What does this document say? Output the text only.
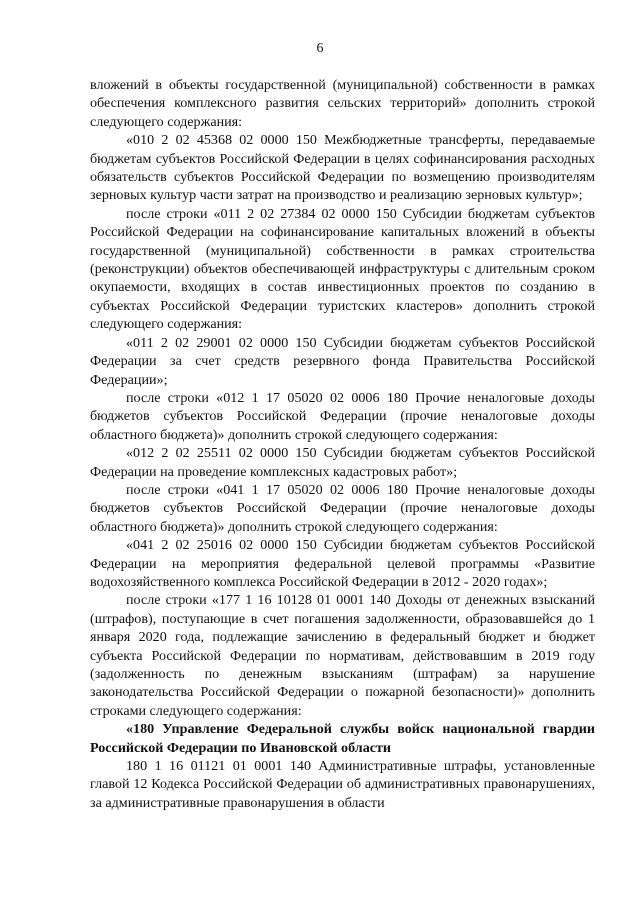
6

вложений в объекты государственной (муниципальной) собственности в рамках обеспечения комплексного развития сельских территорий» дополнить строкой следующего содержания:

«010 2 02 45368 02 0000 150 Межбюджетные трансферты, передаваемые бюджетам субъектов Российской Федерации в целях софинансирования расходных обязательств субъектов Российской Федерации по возмещению производителям зерновых культур части затрат на производство и реализацию зерновых культур»;

после строки «011 2 02 27384 02 0000 150 Субсидии бюджетам субъектов Российской Федерации на софинансирование капитальных вложений в объекты государственной (муниципальной) собственности в рамках строительства (реконструкции) объектов обеспечивающей инфраструктуры с длительным сроком окупаемости, входящих в состав инвестиционных проектов по созданию в субъектах Российской Федерации туристских кластеров» дополнить строкой следующего содержания:

«011 2 02 29001 02 0000 150 Субсидии бюджетам субъектов Российской Федерации за счет средств резервного фонда Правительства Российской Федерации»;

после строки «012 1 17 05020 02 0006 180 Прочие неналоговые доходы бюджетов субъектов Российской Федерации (прочие неналоговые доходы областного бюджета)» дополнить строкой следующего содержания:

«012 2 02 25511 02 0000 150 Субсидии бюджетам субъектов Российской Федерации на проведение комплексных кадастровых работ»;

после строки «041 1 17 05020 02 0006 180 Прочие неналоговые доходы бюджетов субъектов Российской Федерации (прочие неналоговые доходы областного бюджета)» дополнить строкой следующего содержания:

«041 2 02 25016 02 0000 150 Субсидии бюджетам субъектов Российской Федерации на мероприятия федеральной целевой программы «Развитие водохозяйственного комплекса Российской Федерации в 2012 - 2020 годах»;

после строки «177 1 16 10128 01 0001 140 Доходы от денежных взысканий (штрафов), поступающие в счет погашения задолженности, образовавшейся до 1 января 2020 года, подлежащие зачислению в федеральный бюджет и бюджет субъекта Российской Федерации по нормативам, действовавшим в 2019 году (задолженность по денежным взысканиям (штрафам) за нарушение законодательства Российской Федерации о пожарной безопасности)» дополнить строками следующего содержания:

«180 Управление Федеральной службы войск национальной гвардии Российской Федерации по Ивановской области

180 1 16 01121 01 0001 140 Административные штрафы, установленные главой 12 Кодекса Российской Федерации об административных правонарушениях, за административные правонарушения в области
